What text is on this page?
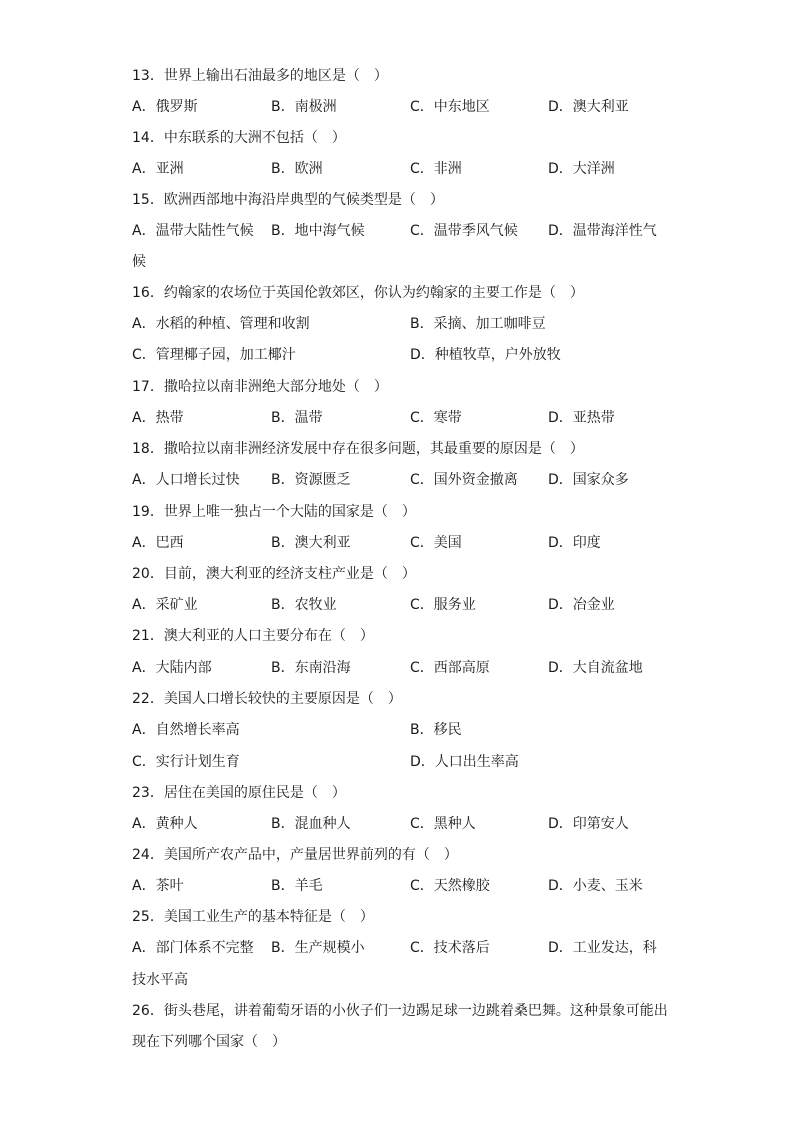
13．世界上输出石油最多的地区是（　）
A．俄罗斯	B．南极洲	C．中东地区	D．澳大利亚
14．中东联系的大洲不包括（　）
A．亚洲	B．欧洲	C．非洲	D．大洋洲
15．欧洲西部地中海沿岸典型的气候类型是（　）
A．温带大陆性气候 B．地中海气候	C．温带季风气候 D．温带海洋性气
候
16．约翰家的农场位于英国伦敦郊区，你认为约翰家的主要工作是（　）
A．水稻的种植、管理和收割	B．采摘、加工咖啡豆
C．管理椰子园，加工椰汁	D．种植牧草，户外放牧
17．撒哈拉以南非洲绝大部分地处（　）
A．热带	B．温带	C．寒带	D．亚热带
18．撒哈拉以南非洲经济发展中存在很多问题，其最重要的原因是（　）
A．人口增长过快 B．资源匮乏	C．国外资金撤离 D．国家众多
19．世界上唯一独占一个大陆的国家是（　）
A．巴西	B．澳大利亚	C．美国	D．印度
20．目前，澳大利亚的经济支柱产业是（　）
A．采矿业	B．农牧业	C．服务业	D．冶金业
21．澳大利亚的人口主要分布在（　）
A．大陆内部	B．东南沿海	C．西部高原	D．大自流盆地
22．美国人口增长较快的主要原因是（　）
A．自然增长率高	B．移民
C．实行计划生育	D．人口出生率高
23．居住在美国的原住民是（　）
A．黄种人	B．混血种人	C．黑种人	D．印第安人
24．美国所产农产品中，产量居世界前列的有（　）
A．茶叶	B．羊毛	C．天然橡胶	D．小麦、玉米
25．美国工业生产的基本特征是（　）
A．部门体系不完整 B．生产规模小	C．技术落后	D．工业发达，科
技水平高
26．街头巷尾，讲着葡萄牙语的小伙子们一边踢足球一边跳着桑巴舞。这种景象可能出
现在下列哪个国家（　）
